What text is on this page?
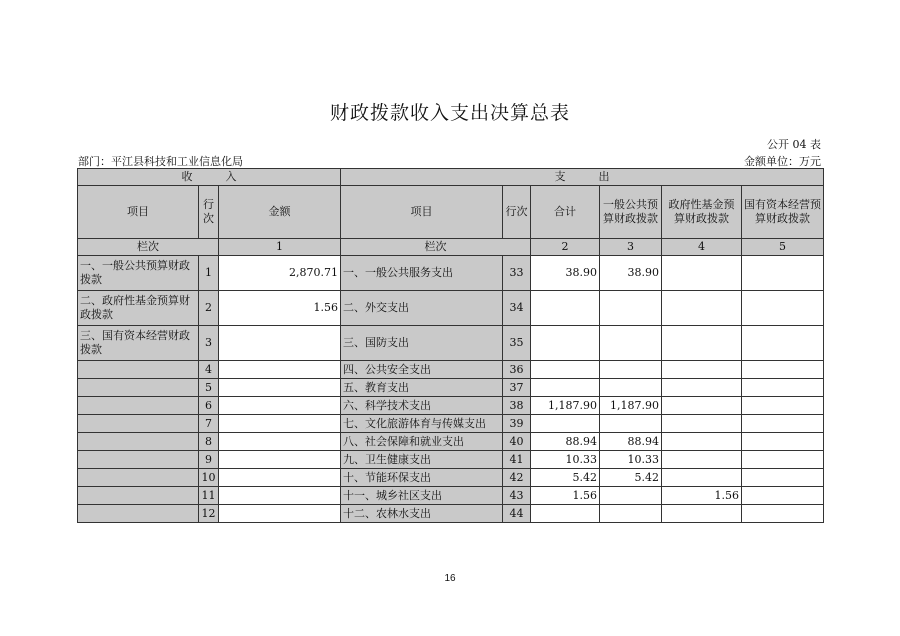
财政拨款收入支出决算总表
公开 04 表
部门：平江县科技和工业信息化局	金额单位：万元
收　　　入			支　　　出					
项目	行次	金额	项目	行次	合计	一般公共预算财政拨款	政府性基金预算财政拨款	国有资本经营预算财政拨款
栏次		1	栏次		2	3	4	5
一、一般公共预算财政拨款	1	2,870.71	一、一般公共服务支出	33	38.90	38.90		
二、政府性基金预算财政拨款	2	1.56	二、外交支出	34				
三、国有资本经营财政拨款	3		三、国防支出	35				
	4		四、公共安全支出	36				
	5		五、教育支出	37				
	6		六、科学技术支出	38	1,187.90	1,187.90		
	7		七、文化旅游体育与传媒支出	39				
	8		八、社会保障和就业支出	40	88.94	88.94		
	9		九、卫生健康支出	41	10.33	10.33		
	10		十、节能环保支出	42	5.42	5.42		
	11		十一、城乡社区支出	43	1.56		1.56	
	12		十二、农林水支出	44				
16
